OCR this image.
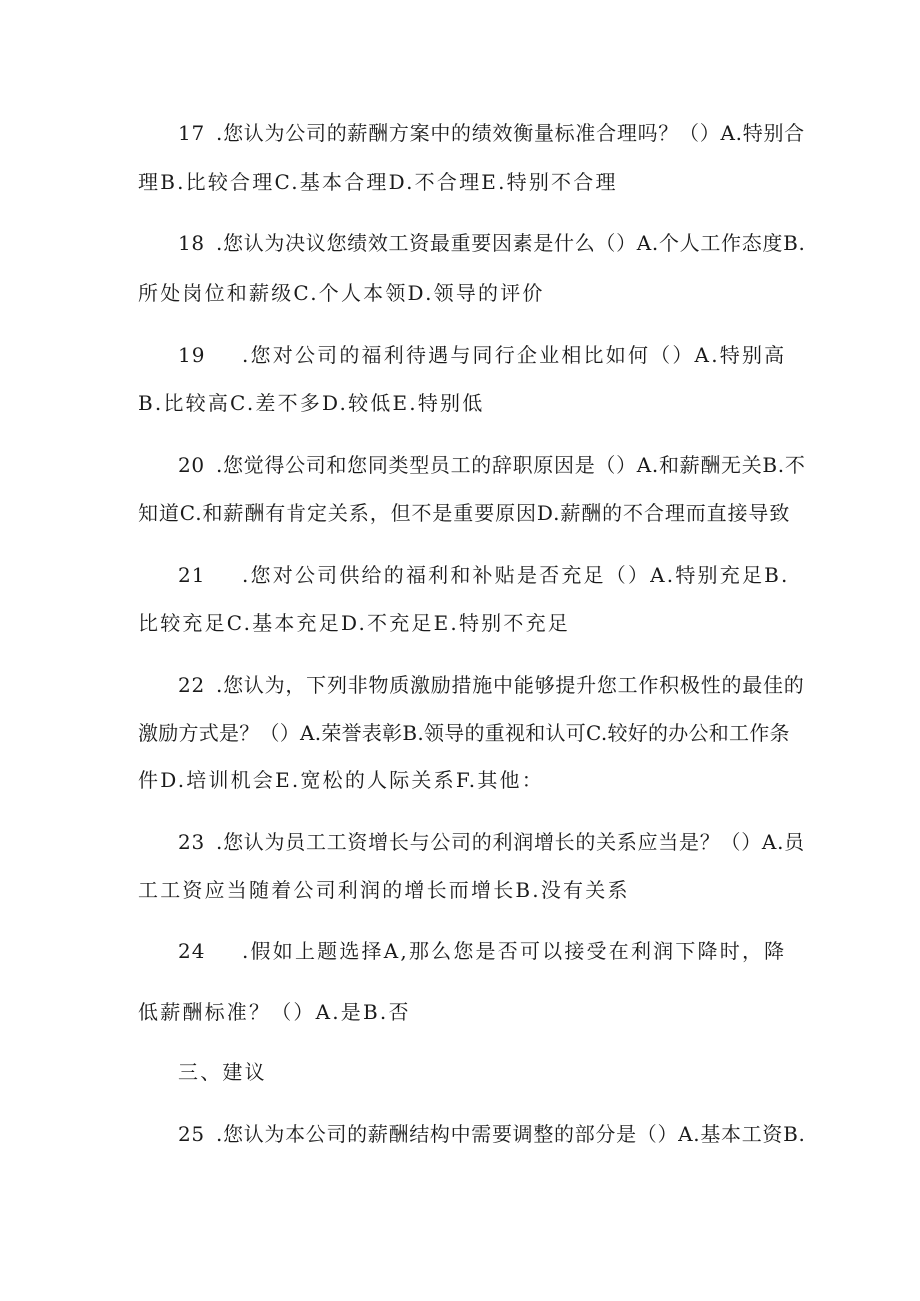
17 .您认为公司的薪酬方案中的绩效衡量标准合理吗？（）A.特别合
理B.比较合理C.基本合理D.不合理E.特别不合理
18 .您认为决议您绩效工资最重要因素是什么（）A.个人工作态度B.
所处岗位和薪级C.个人本领D.领导的评价
19 .您对公司的福利待遇与同行企业相比如何（）A.特别高
B.比较高C.差不多D.较低E.特别低
20 .您觉得公司和您同类型员工的辞职原因是（）A.和薪酬无关B.不
知道C.和薪酬有肯定关系，但不是重要原因D.薪酬的不合理而直接导致
21 .您对公司供给的福利和补贴是否充足（）A.特别充足B.
比较充足C.基本充足D.不充足E.特别不充足
22 .您认为，下列非物质激励措施中能够提升您工作积极性的最佳的
激励方式是？（）A.荣誉表彰B.领导的重视和认可C.较好的办公和工作条
件D.培训机会E.宽松的人际关系F.其他：
23 .您认为员工工资增长与公司的利润增长的关系应当是？（）A.员
工工资应当随着公司利润的增长而增长B.没有关系
24 .假如上题选择A,那么您是否可以接受在利润下降时，降
低薪酬标准？（）A.是B.否
三、建议
25 .您认为本公司的薪酬结构中需要调整的部分是（）A.基本工资B.
